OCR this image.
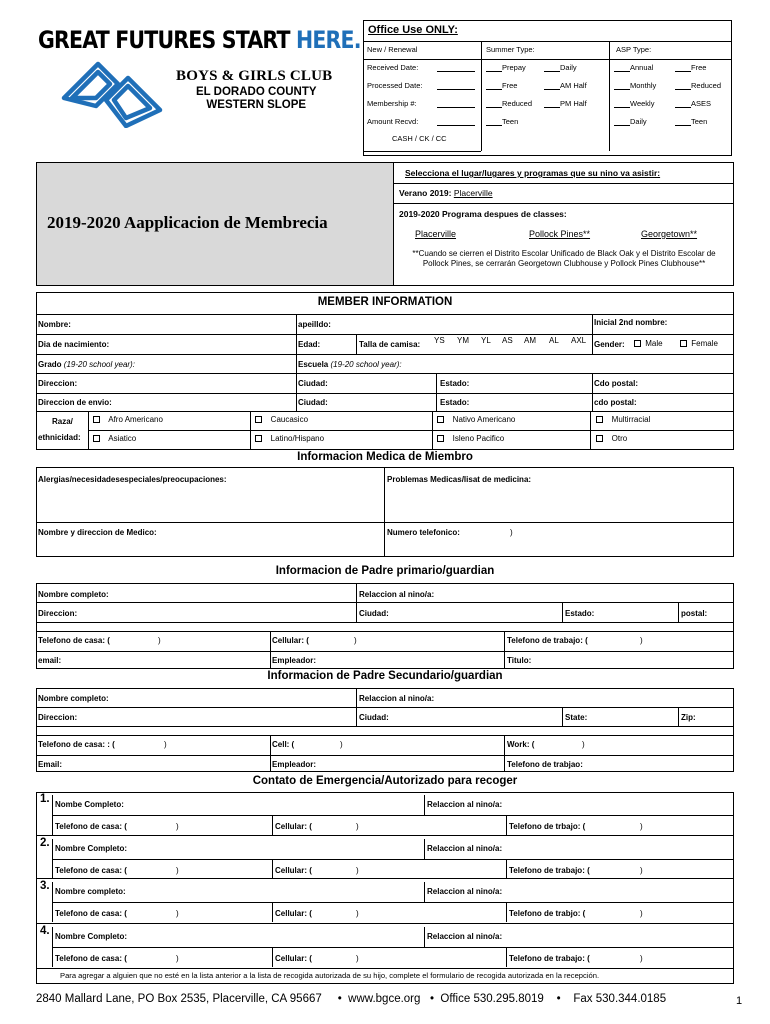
GREAT FUTURES START HERE.
BOYS & GIRLS CLUB
EL DORADO COUNTY
WESTERN SLOPE
Office Use ONLY:
New / Renewal
Received Date:
Processed Date:
Membership #:
Amount Recvd:
CASH / CK / CC
Summer Type:
Prepay	Daily
Free	AM Half
Reduced	PM Half
Teen
ASP Type:
Annual	Free
Monthly	Reduced
Weekly	ASES
Daily	Teen
2019-2020 Aapplicacion de Membrecia
Selecciona el lugar/lugares y programas que su nino va asistir:
Verano 2019: Placerville
2019-2020 Programa despues de classes:
Placerville	Pollock Pines**	Georgetown**
**Cuando se cierren el Distrito Escolar Unificado de Black Oak y el Distrito Escolar de Pollock Pines, se cerrarán Georgetown Clubhouse y Pollock Pines Clubhouse**
MEMBER INFORMATION
Nombre:	apeilldo:	Inicial 2nd nombre:
Dia de nacimiento:	Edad:	Talla de camisa: YS YM YL AS AM AL AXL Gender:	Male	Female
Grado (19-20 school year):	Escuela (19-20 school year):
Direccion:	Ciudad:	Estado:	Cdo postal:
Direccion de envio:	Ciudad:	Estado:	cdo postal:
Raza/
ethnicidad:
Afro Americano	Caucasico	Nativo Americano	Multirracial
Asiatico	Latino/Hispano	Isleno Pacifico	Otro
Informacion Medica de Miembro
Alergias/necesidadesespeciales/preocupaciones:	Problemas Medicas/lisat de medicina:
Nombre y direccion de Medico:	Numero telefonico:	)
Informacion de Padre primario/guardian
Nombre completo:	Relaccion al nino/a:
Direccion:	Ciudad:	Estado:	postal:
Telefono de casa: (	)	Cellular: (	)	Telefono de trabajo: (	)
email:	Empleador:	Titulo:
Informacion de Padre Secundario/guardian
Nombre completo:	Relaccion al nino/a:
Direccion:	Ciudad:	State:	Zip:
Telefono de casa: : (	)	Cell: (	)	Work: (	)
Email:	Empleador:	Telefono de trabjao:
Contato de Emergencia/Autorizado para recoger
1. Nombe Completo:	Relaccion al nino/a:
Telefono de casa: (	)	Cellular: (	)	Telefono de trbajo: (	)
2. Nombre Completo:	Relaccion al nino/a:
Telefono de casa: (	)	Cellular: (	)	Telefono de trabajo: (	)
3. Nombre completo:	Relaccion al nino/a:
Telefono de casa: (	)	Cellular: (	)	Telefono de trabjo: (	)
4. Nombre Completo:	Relaccion al nino/a:
Telefono de casa: (	)	Cellular: (	)	Telefono de trabajo: (	)
Para agregar a alguien que no esté en la lista anterior a la lista de recogida autorizada de su hijo, complete el formulario de recogida autorizada en la recepción.
2840 Mallard Lane, PO Box 2535, Placerville, CA 95667 • www.bgce.org • Office 530.295.8019 • Fax 530.344.0185	1
